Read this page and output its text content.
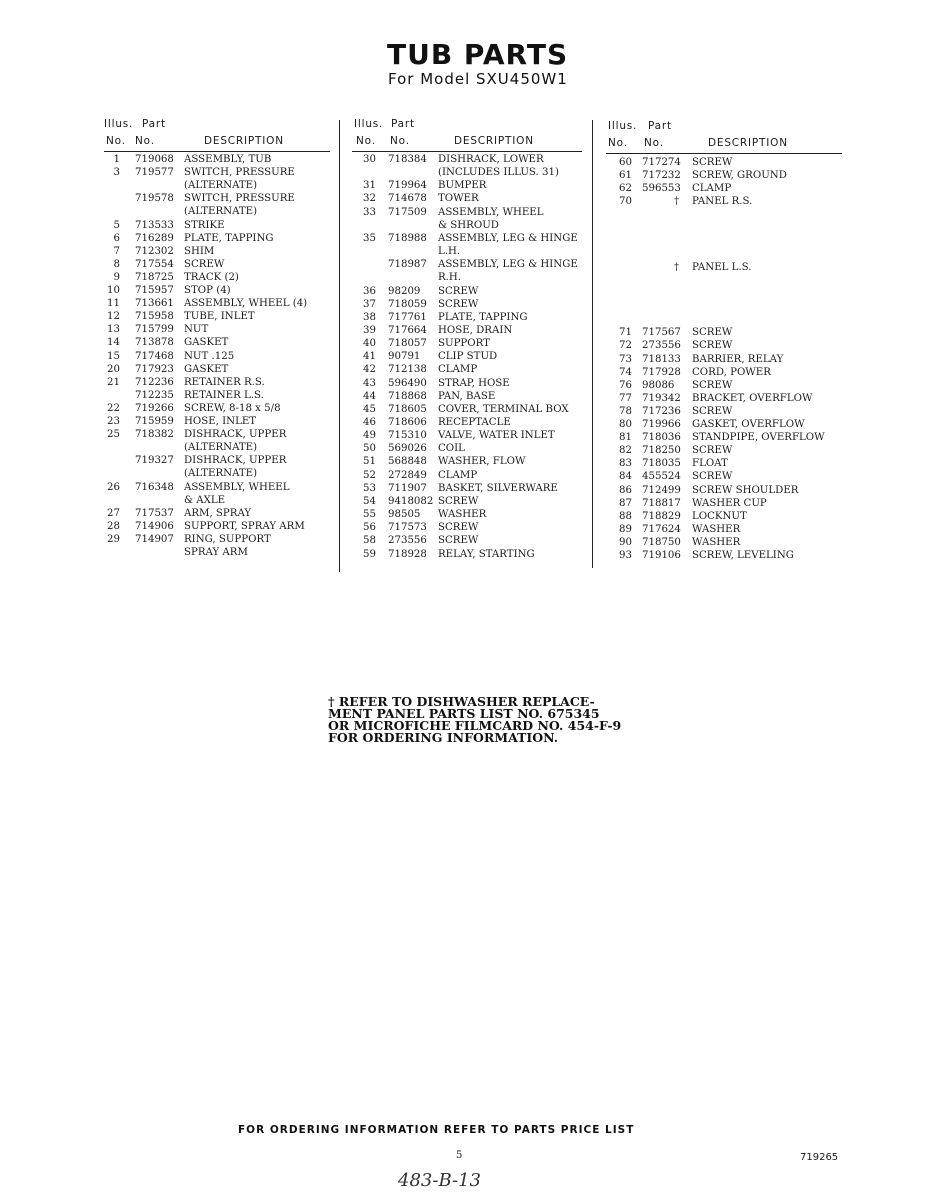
TUB PARTS
For Model SXU450W1
Illus. Part
No. No.	DESCRIPTION
1 719068 ASSEMBLY, TUB
3 719577 SWITCH, PRESSURE
(ALTERNATE)
719578 SWITCH, PRESSURE
(ALTERNATE)
5 713533 STRIKE
6 716289 PLATE, TAPPING
7 712302 SHIM
8 717554 SCREW
9 718725 TRACK (2)
10 715957 STOP (4)
11 713661 ASSEMBLY, WHEEL (4)
12 715958 TUBE, INLET
13 715799 NUT
14 713878 GASKET
15 717468 NUT .125
20 717923 GASKET
21 712236 RETAINER R.S.
712235 RETAINER L.S.
22 719266 SCREW, 8-18 x 5/8
23 715959 HOSE, INLET
25 718382 DISHRACK, UPPER
(ALTERNATE)
719327 DISHRACK, UPPER
(ALTERNATE)
26 716348 ASSEMBLY, WHEEL
& AXLE
27 717537 ARM, SPRAY
28 714906 SUPPORT, SPRAY ARM
29 714907 RING, SUPPORT
SPRAY ARM
Illus. Part
No. No.	DESCRIPTION
30 718384 DISHRACK, LOWER
(INCLUDES ILLUS. 31)
31 719964 BUMPER
32 714678 TOWER
33 717509 ASSEMBLY, WHEEL
& SHROUD
35 718988 ASSEMBLY, LEG & HINGE
L.H.
718987 ASSEMBLY, LEG & HINGE
R.H.
36 98209 SCREW
37 718059 SCREW
38 717761 PLATE, TAPPING
39 717664 HOSE, DRAIN
40 718057 SUPPORT
41 90791 CLIP STUD
42 712138 CLAMP
43 596490 STRAP, HOSE
44 718868 PAN, BASE
45 718605 COVER, TERMINAL BOX
46 718606 RECEPTACLE
49 715310 VALVE, WATER INLET
50 569026 COIL
51 568848 WASHER, FLOW
52 272849 CLAMP
53 711907 BASKET, SILVERWARE
54 9418082 SCREW
55 98505 WASHER
56 717573 SCREW
58 273556 SCREW
59 718928 RELAY, STARTING
Illus. Part
No. No.	DESCRIPTION
60 717274 SCREW
61 717232 SCREW, GROUND
62 596553 CLAMP
70	† PANEL R.S.
† PANEL L.S.
71 717567 SCREW
72 273556 SCREW
73 718133 BARRIER, RELAY
74 717928 CORD, POWER
76 98086 SCREW
77 719342 BRACKET, OVERFLOW
78 717236 SCREW
80 719966 GASKET, OVERFLOW
81 718036 STANDPIPE, OVERFLOW
82 718250 SCREW
83 718035 FLOAT
84 455524 SCREW
86 712499 SCREW SHOULDER
87 718817 WASHER CUP
88 718829 LOCKNUT
89 717624 WASHER
90 718750 WASHER
93 719106 SCREW, LEVELING
† REFER TO DISHWASHER REPLACE-
MENT PANEL PARTS LIST NO. 675345
OR MICROFICHE FILMCARD NO. 454-F-9
FOR ORDERING INFORMATION.
FOR ORDERING INFORMATION REFER TO PARTS PRICE LIST
5	719265
483-B-13
